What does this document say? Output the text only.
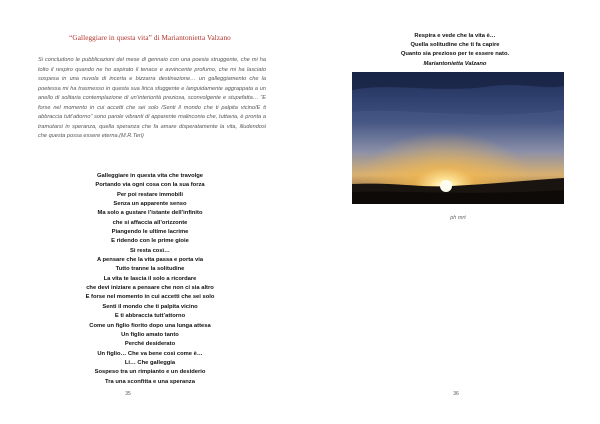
“Galleggiare in questa vita” di Mariantonietta Valzano
Si concludono le pubblicazioni del mese di gennaio con una poesia struggente, che mi ha tolto il respiro quando ne ho aspirato il tenace e avvincente profumo, che mi ha lasciato sospesa in una nuvola di incerta e bizzarra destinazione… un galleggiamento che la poetessa mi ha trasmesso in questa sua lirica sfuggente e languidamente aggrappata a un anello di solitaria contemplazione di un’interiorità preziosa, sconvolgente e stupefatta… “E forse nel momento in cui accetti che sei solo /Senti il mondo che ti palpita vicino/E ti abbraccia tutt’attorno” sono parole vibranti di apparente malinconia che, tuttavia, è pronta a tramutarsi in speranza, quella speranza che fa amare disperatamente la vita, illudendosi che questa possa essere eterna.(M.R.Teri)
Galleggiare in questa vita che travolge
Portando via ogni cosa con la sua forza
Per poi restare immobili
Senza un apparente senso
Ma solo a gustare l’istante dell’infinito
che si affaccia all’orizzonte
Piangendo le ultime lacrime
E ridendo con le prime gioie
Si resta così…
A pensare che la vita passa e porta via
Tutto tranne la solitudine
La vita te lascia il solo a ricordare
che devi iniziare a pensare che non ci sia altro
E forse nel momento in cui accetti che sei solo
Senti il mondo che ti palpita vicino
E ti abbraccia tutt’attorno
Come un figlio fiorito dopo una lunga attesa
Un figlio amato tanto
Perché desiderato
Un figlio… Che va bene così come è…
Li… Che galleggia
Sospeso tra un rimpianto e un desiderio
Tra una sconfitta e una speranza
35
Respira e vede che la vita è…
Quella solitudine che ti fa capire
Quanto sia prezioso per te essere nato.
Mariantonietta Valzano
ph mrt
36
